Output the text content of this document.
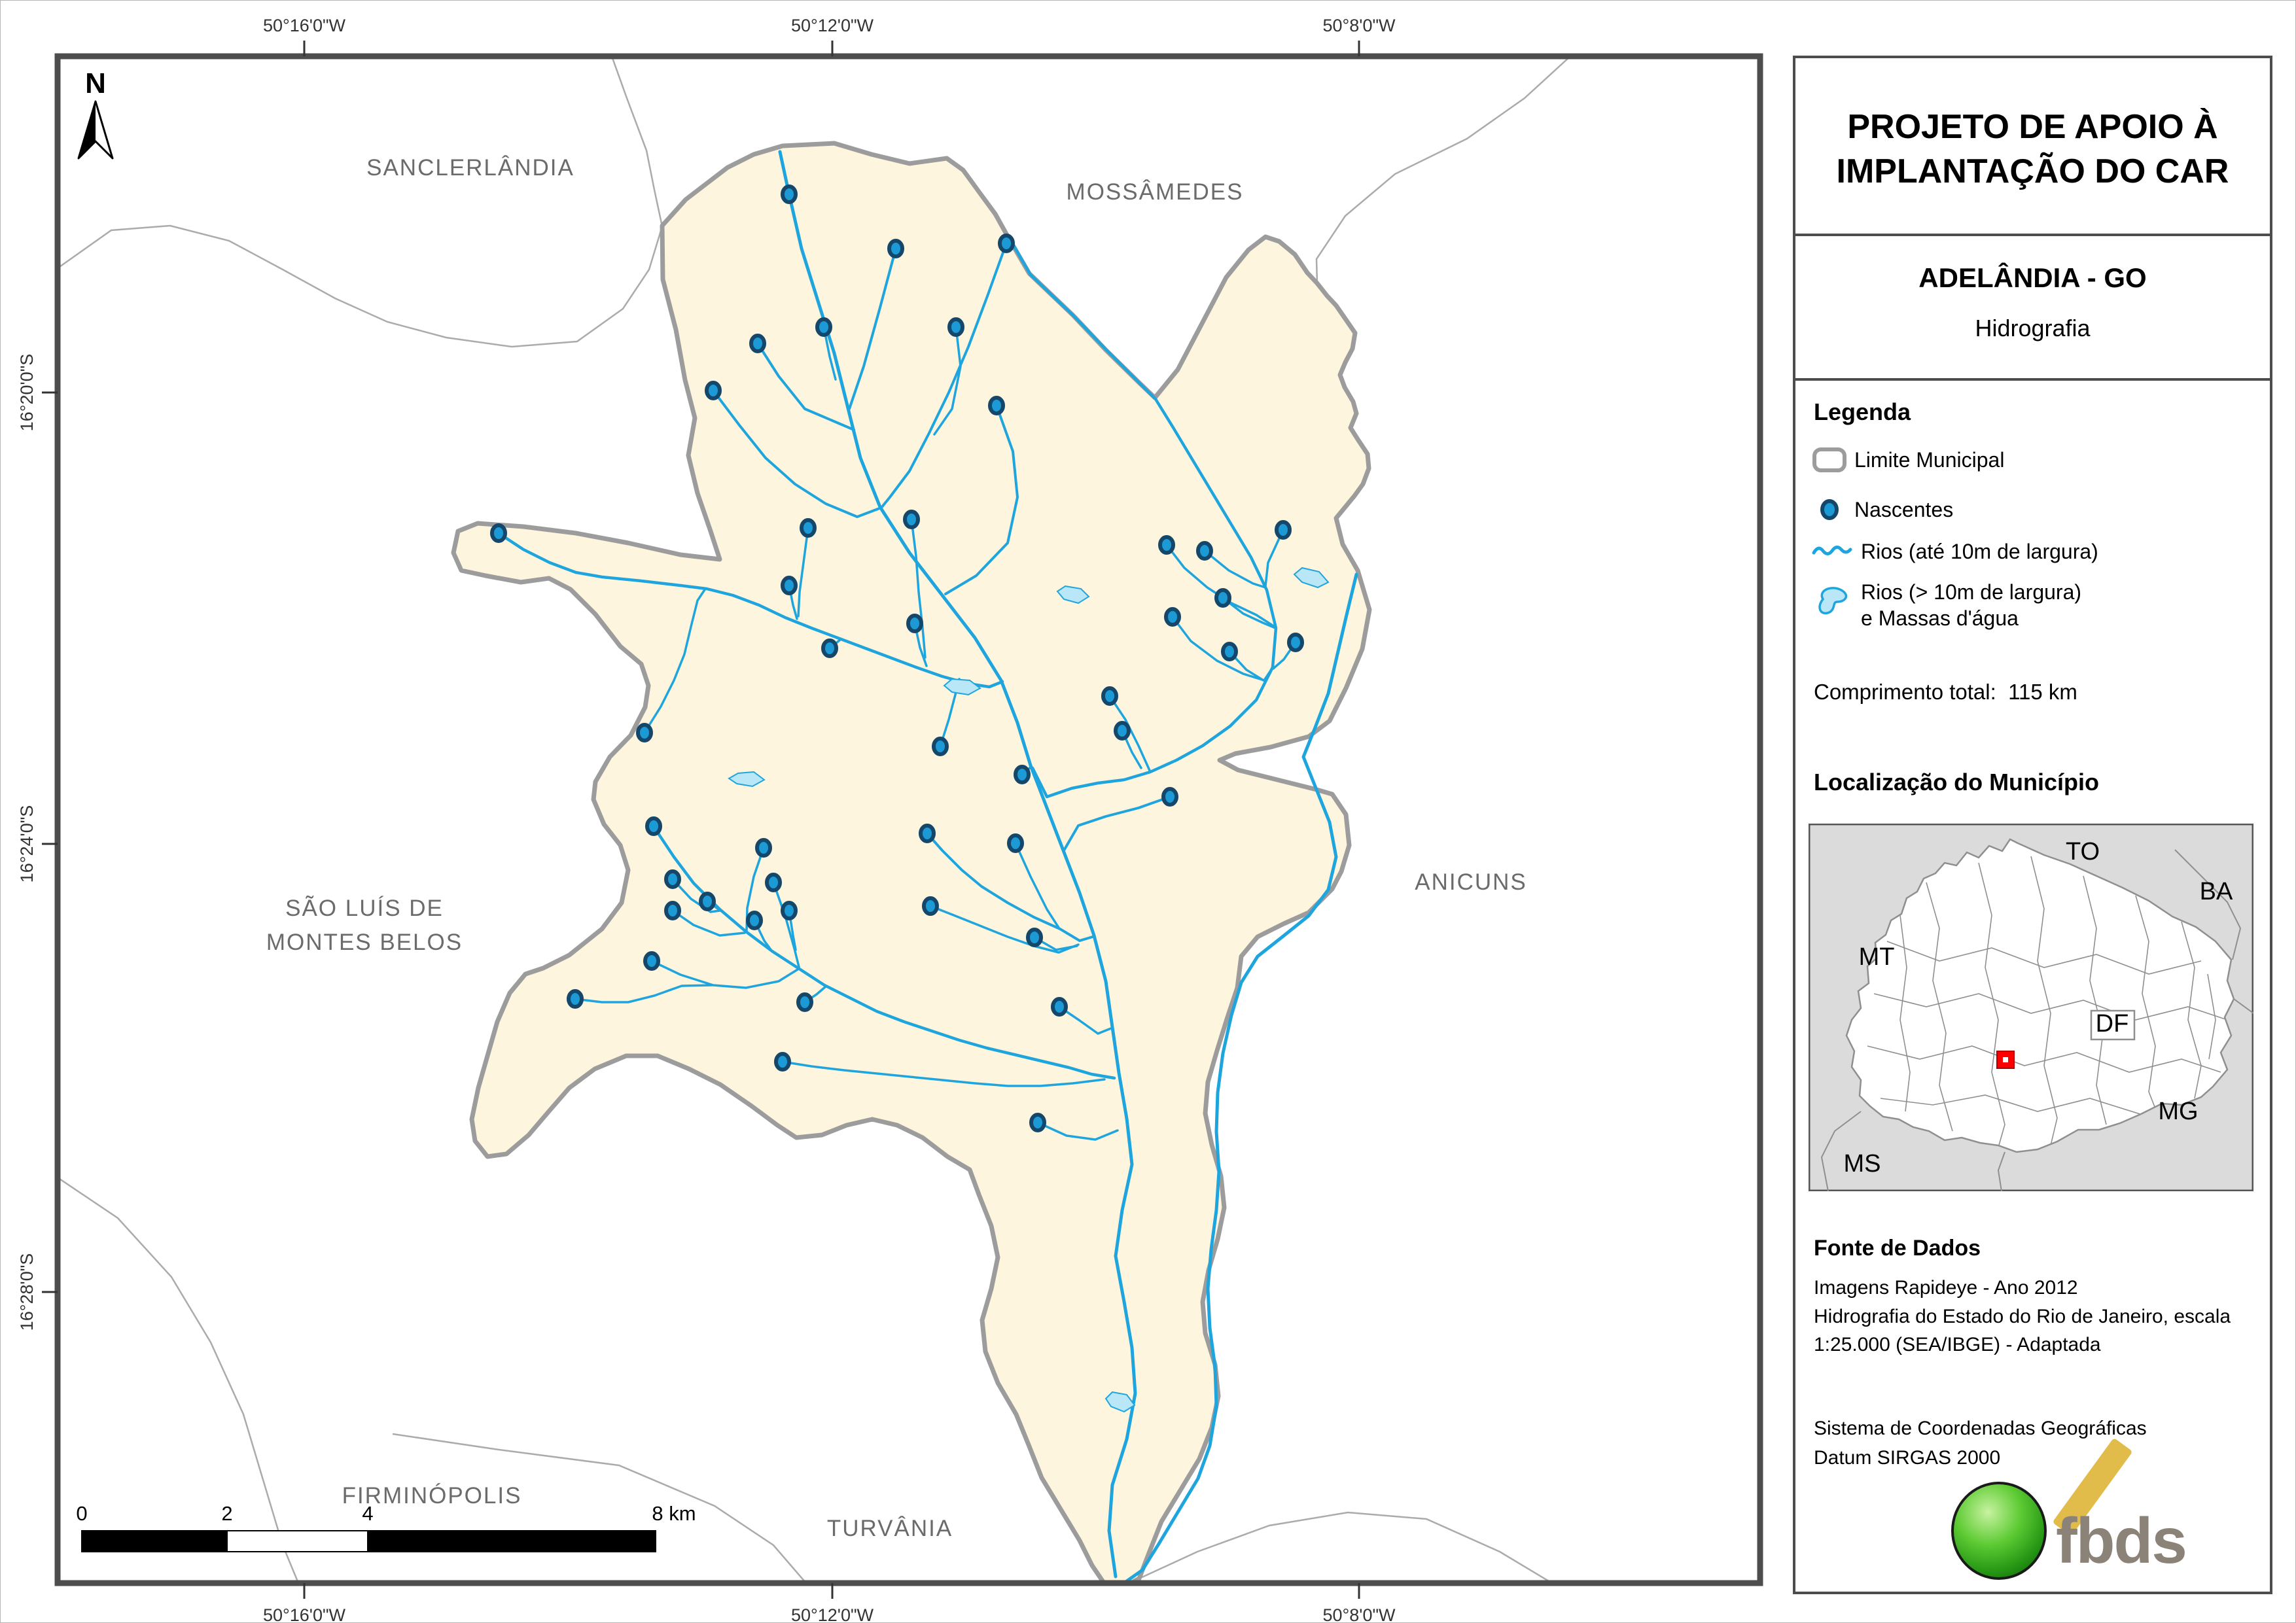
SANCLERLÂNDIA
MOSSÂMEDES
ANICUNS
SÃO LUÍS DE
MONTES BELOS
FIRMINÓPOLIS
TURVÂNIA
50°16'0"W	50°12'0"W	50°8'0"W
50°16'0"W	50°12'0"W	50°8'0"W
16°20'0"S
16°24'0"S
16°28'0"S
N
0	2	4	8 km
PROJETO DE APOIO À
IMPLANTAÇÃO DO CAR
ADELÂNDIA - GO
Hidrografia
Legenda
Limite Municipal
Nascentes
Rios (até 10m de largura)
Rios (> 10m de largura)
e Massas d'água
Comprimento total: 115 km
Localização do Município
TO
BA
MT
DF
MG
MS
Fonte de Dados
Imagens Rapideye - Ano 2012
Hidrografia do Estado do Rio de Janeiro, escala
1:25.000 (SEA/IBGE) - Adaptada
Sistema de Coordenadas Geográficas
Datum SIRGAS 2000
fbds
